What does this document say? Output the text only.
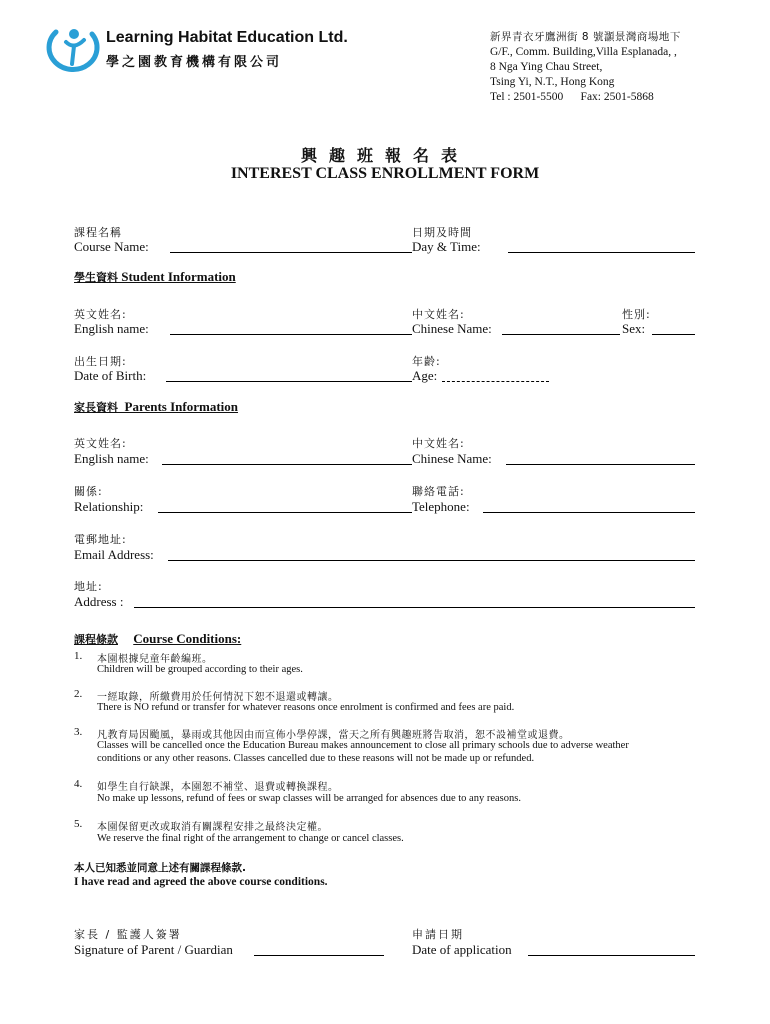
Learning Habitat Education Ltd.
學之園教育機構有限公司
新界青衣牙鷹洲街 8 號灝景灣商場地下
G/F., Comm. Building,Villa Esplanada, ,
8 Nga Ying Chau Street,
Tsing Yi, N.T., Hong Kong
Tel : 2501-5500      Fax: 2501-5868
興趣班報名表
INTEREST CLASS ENROLLMENT FORM
課程名稱
Course Name:
日期及時間
Day & Time:
學生資料 Student Information
英文姓名:
English name:
中文姓名:
Chinese Name:
性別:
Sex:
出生日期:
Date of Birth:
年齡:
Age:
家長資料  Parents Information
英文姓名:
English name:
中文姓名:
Chinese Name:
關係:
Relationship:
聯絡電話:
Telephone:
電郵地址:
Email Address:
地址:
Address :
課程條款 Course Conditions:
1. 本園根據兒童年齡編班。
Children will be grouped according to their ages.
2. 一經取錄，所繳費用於任何情況下恕不退還或轉讓。
There is NO refund or transfer for whatever reasons once enrolment is confirmed and fees are paid.
3. 凡教育局因颱風，暴雨或其他因由而宣佈小學停課，當天之所有興趣班將告取消，恕不設補堂或退費。
Classes will be cancelled once the Education Bureau makes announcement to close all primary schools due to adverse weather
conditions or any other reasons. Classes cancelled due to these reasons will not be made up or refunded.
4. 如學生自行缺課，本園恕不補堂、退費或轉換課程。
No make up lessons, refund of fees or swap classes will be arranged for absences due to any reasons.
5. 本園保留更改或取消有關課程安排之最終決定權。
We reserve the final right of the arrangement to change or cancel classes.
本人已知悉並同意上述有關課程條款.
I have read and agreed the above course conditions.
家長 / 監護人簽署
Signature of Parent / Guardian
申請日期
Date of application
